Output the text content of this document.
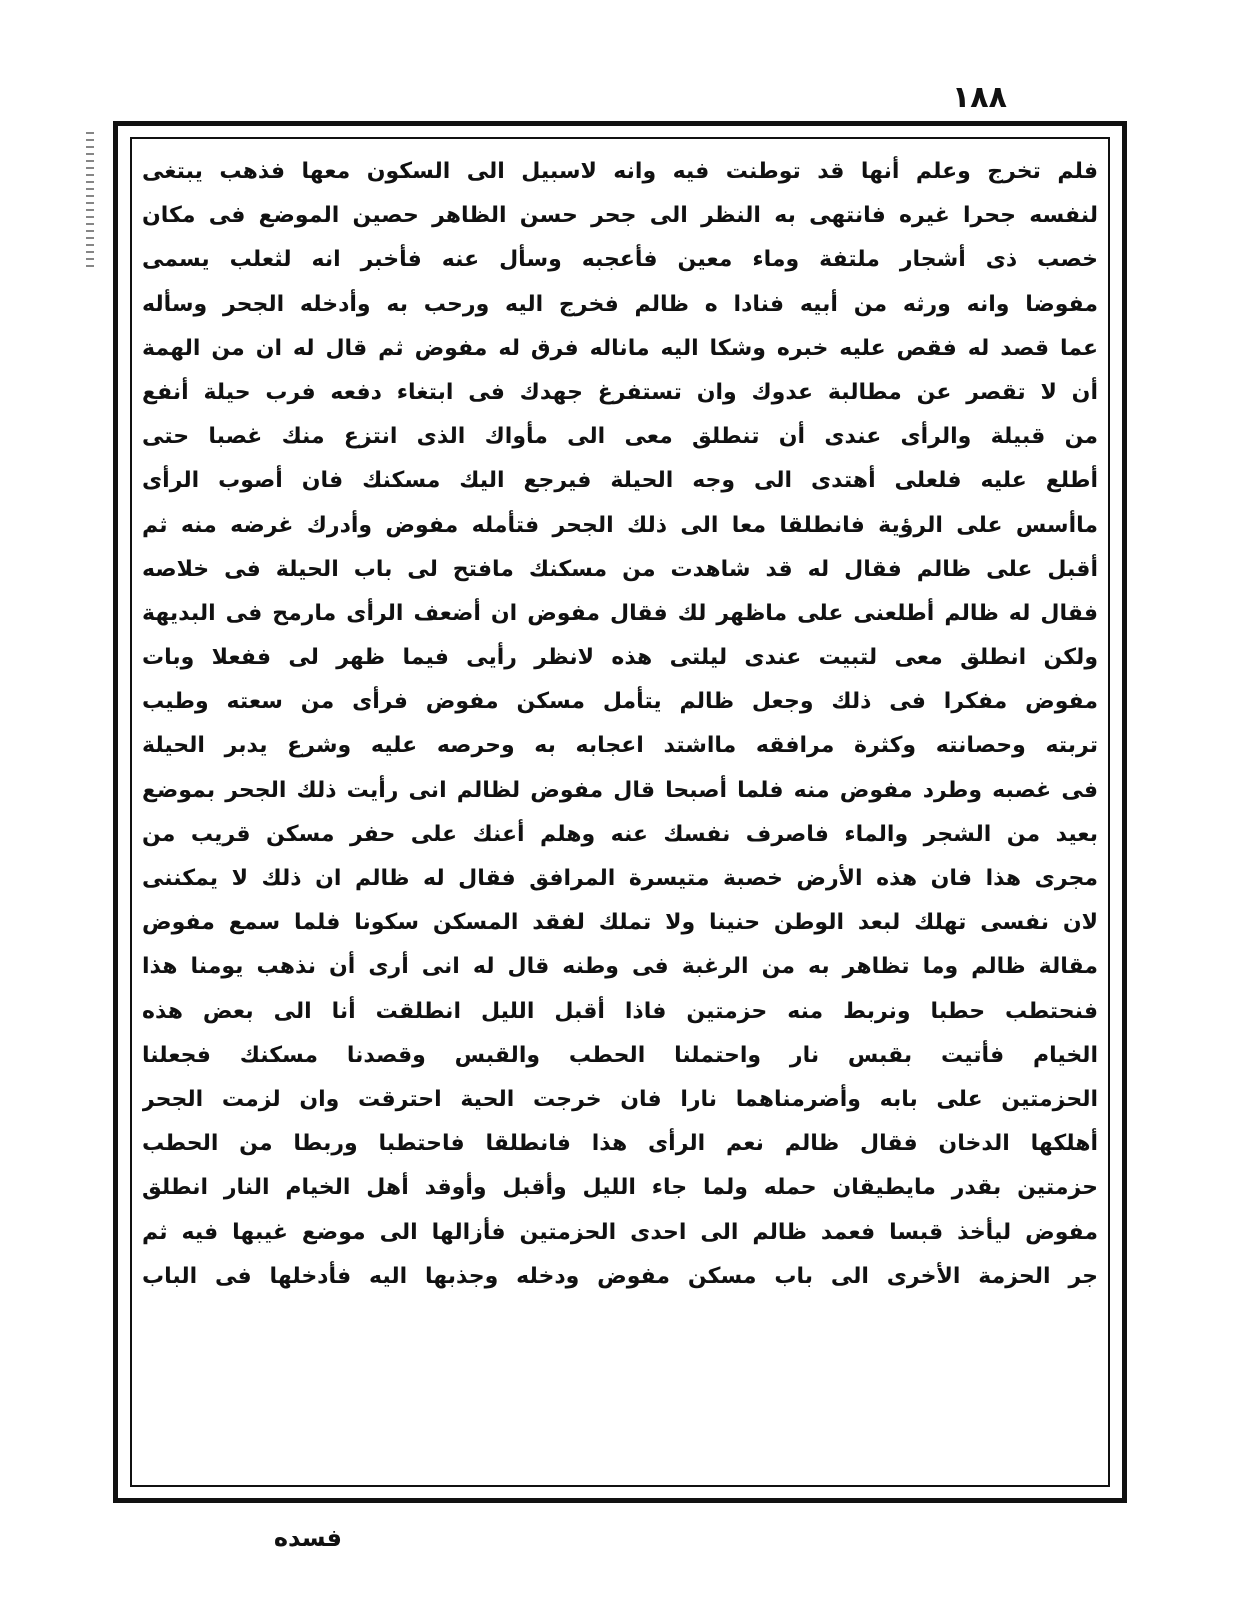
١٨٨
فلم تخرج وعلم أنها قد توطنت فيه وانه لاسبيل الى السكون معها فذهب يبتغى
لنفسه جحرا غيره فانتهى به النظر الى جحر حسن الظاهر حصين الموضع فى مكان
خصب ذى أشجار ملتفة وماء معين فأعجبه وسأل عنه فأخبر انه لثعلب يسمى
مفوضا وانه ورثه من أبيه فنادا ه ظالم فخرج اليه ورحب به وأدخله الجحر وسأله
عما قصد له فقص عليه خبره وشكا اليه ماناله فرق له مفوض ثم قال له ان من الهمة
أن لا تقصر عن مطالبة عدوك وان تستفرغ جهدك فى ابتغاء دفعه فرب حيلة أنفع
من قبيلة والرأى عندى أن تنطلق معى الى مأواك الذى انتزع منك غصبا حتى
أطلع عليه فلعلى أهتدى الى وجه الحيلة فيرجع اليك مسكنك فان أصوب الرأى
ماأسس على الرؤية فانطلقا معا الى ذلك الجحر فتأمله مفوض وأدرك غرضه منه ثم
أقبل على ظالم فقال له قد شاهدت من مسكنك مافتح لى باب الحيلة فى خلاصه
فقال له ظالم أطلعنى على ماظهر لك فقال مفوض ان أضعف الرأى مارمح فى البديهة
ولكن انطلق معى لتبيت عندى ليلتى هذه لانظر رأيى فيما ظهر لى ففعلا وبات
مفوض مفكرا فى ذلك وجعل ظالم يتأمل مسكن مفوض فرأى من سعته وطيب
تربته وحصانته وكثرة مرافقه مااشتد اعجابه به وحرصه عليه وشرع يدبر الحيلة
فى غصبه وطرد مفوض منه فلما أصبحا قال مفوض لظالم انى رأيت ذلك الجحر بموضع
بعيد من الشجر والماء فاصرف نفسك عنه وهلم أعنك على حفر مسكن قريب من
مجرى هذا فان هذه الأرض خصبة متيسرة المرافق فقال له ظالم ان ذلك لا يمكننى
لان نفسى تهلك لبعد الوطن حنينا ولا تملك لفقد المسكن سكونا فلما سمع مفوض
مقالة ظالم وما تظاهر به من الرغبة فى وطنه قال له انى أرى أن نذهب يومنا هذا
فنحتطب حطبا ونربط منه حزمتين فاذا أقبل الليل انطلقت أنا الى بعض هذه
الخيام فأتيت بقبس نار واحتملنا الحطب والقبس وقصدنا مسكنك فجعلنا
الحزمتين على بابه وأضرمناهما نارا فان خرجت الحية احترقت وان لزمت الجحر
أهلكها الدخان فقال ظالم نعم الرأى هذا فانطلقا فاحتطبا وربطا من الحطب
حزمتين بقدر مايطيقان حمله ولما جاء الليل وأقبل وأوقد أهل الخيام النار انطلق
مفوض ليأخذ قبسا فعمد ظالم الى احدى الحزمتين فأزالها الى موضع غيبها فيه ثم
جر الحزمة الأخرى الى باب مسكن مفوض ودخله وجذبها اليه فأدخلها فى الباب
فسده
